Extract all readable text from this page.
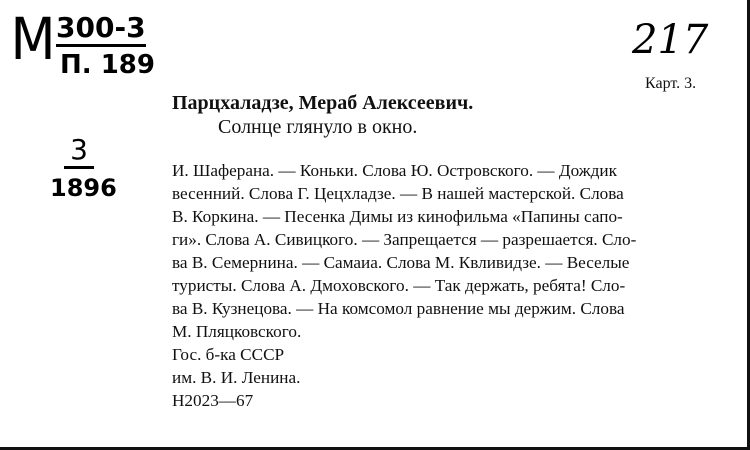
М 300-3
П. 189
3
1896
217
Карт. 3.
Парцхаладзе, Мераб Алексеевич.
Солнце глянуло в окно.
И. Шаферана. — Коньки. Слова Ю. Островского. — Дождик
весенний. Слова Г. Цецхладзе. — В нашей мастерской. Слова
В. Коркина. — Песенка Димы из кинофильма «Папины сапо-
ги». Слова А. Сивицкого. — Запрещается — разрешается. Сло-
ва В. Семернина. — Самаиа. Слова М. Квливидзе. — Веселые
туристы. Слова А. Дмоховского. — Так держать, ребята! Сло-
ва В. Кузнецова. — На комсомол равнение мы держим. Слова
М. Пляцковского.
Гос. б-ка СССР
им. В. И. Ленина.
Н2023—67
